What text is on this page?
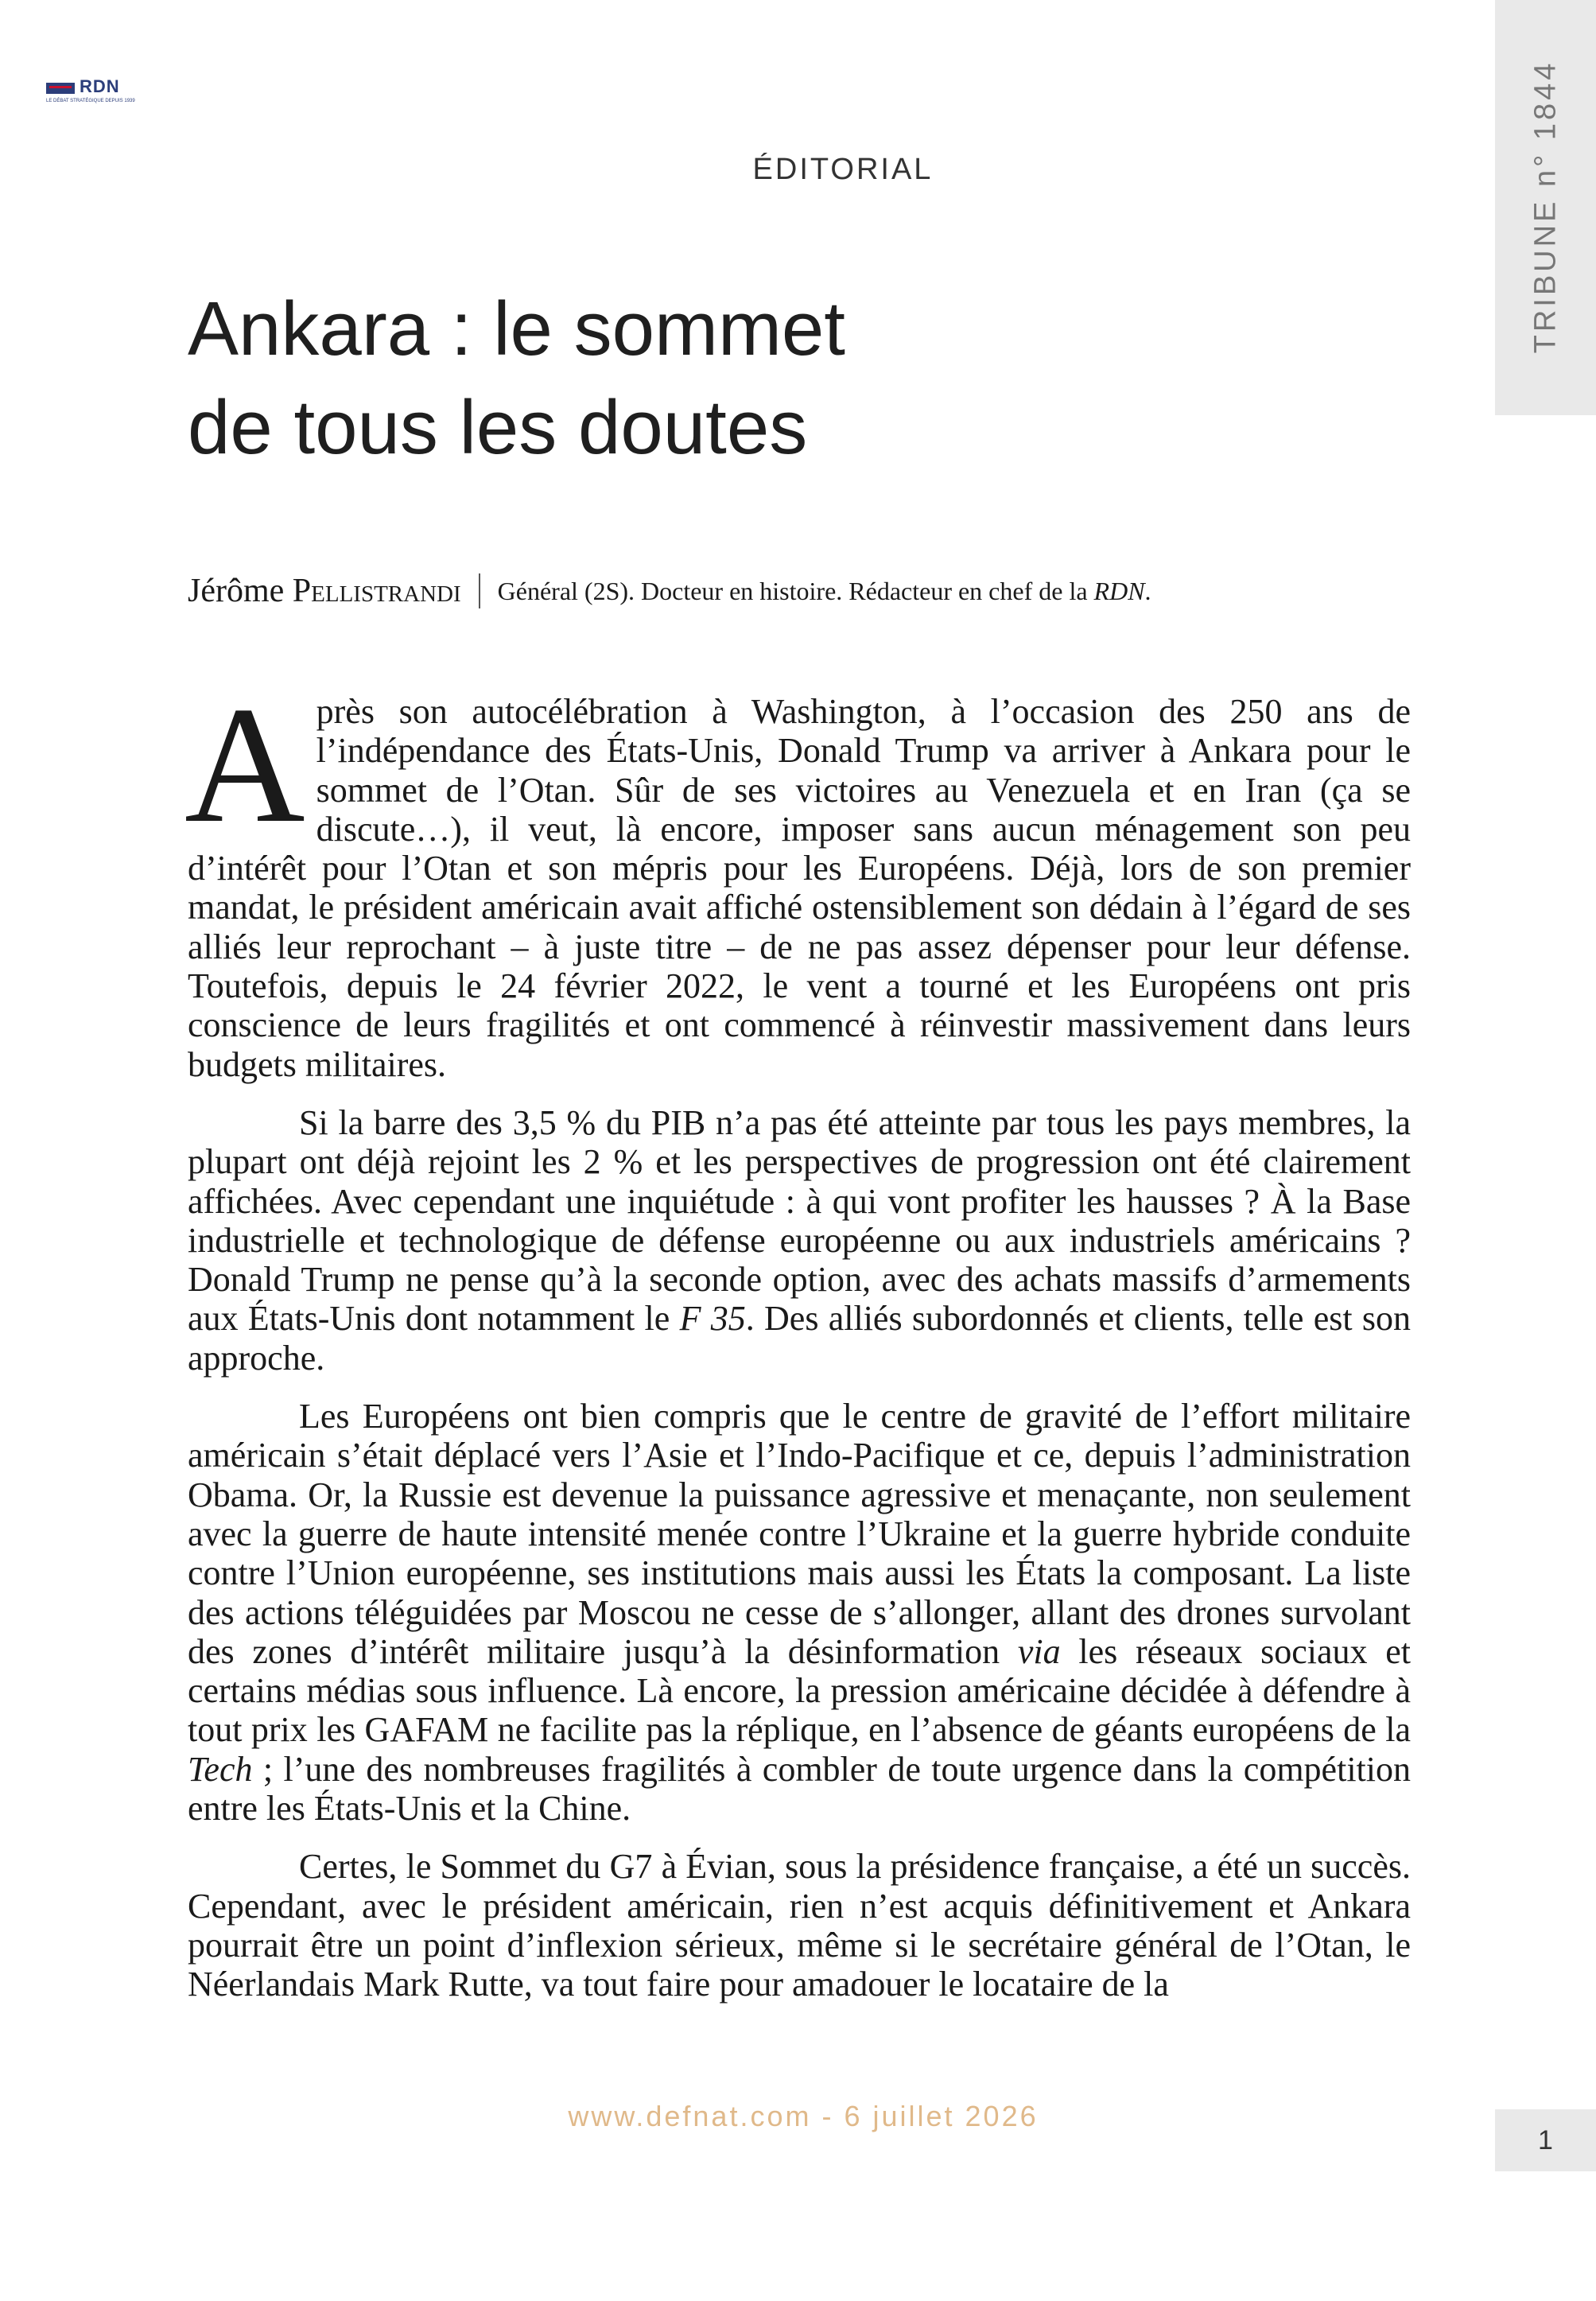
RDN
LE DÉBAT STRATÉGIQUE DEPUIS 1939
ÉDITORIAL
Ankara : le sommet
de tous les doutes
Jérôme Pellistrandi Général (2S). Docteur en histoire. Rédacteur en chef de la RDN.

Après son autocélébration à Washington, à l’occasion des 250 ans de l’indépendance des États-Unis, Donald Trump va arriver à Ankara pour le sommet de l’Otan. Sûr de ses victoires au Venezuela et en Iran (ça se discute…), il veut, là encore, imposer sans aucun ménagement son peu d’intérêt pour l’Otan et son mépris pour les Européens. Déjà, lors de son premier mandat, le président américain avait affiché ostensiblement son dédain à l’égard de ses alliés leur reprochant – à juste titre – de ne pas assez dépenser pour leur défense. Toutefois, depuis le 24 février 2022, le vent a tourné et les Européens ont pris conscience de leurs fragilités et ont commencé à réinvestir massivement dans leurs budgets militaires.

Si la barre des 3,5 % du PIB n’a pas été atteinte par tous les pays membres, la plupart ont déjà rejoint les 2 % et les perspectives de progression ont été clairement affichées. Avec cependant une inquiétude : à qui vont profiter les hausses ? À la Base industrielle et technologique de défense européenne ou aux industriels américains ? Donald Trump ne pense qu’à la seconde option, avec des achats massifs d’armements aux États-Unis dont notamment le F 35. Des alliés subordonnés et clients, telle est son approche.

Les Européens ont bien compris que le centre de gravité de l’effort militaire américain s’était déplacé vers l’Asie et l’Indo-Pacifique et ce, depuis l’administration Obama. Or, la Russie est devenue la puissance agressive et menaçante, non seulement avec la guerre de haute intensité menée contre l’Ukraine et la guerre hybride conduite contre l’Union européenne, ses institutions mais aussi les États la composant. La liste des actions téléguidées par Moscou ne cesse de s’allonger, allant des drones survolant des zones d’intérêt militaire jusqu’à la désinformation via les réseaux sociaux et certains médias sous influence. Là encore, la pression américaine décidée à défendre à tout prix les GAFAM ne facilite pas la réplique, en l’absence de géants européens de la Tech ; l’une des nombreuses fragilités à combler de toute urgence dans la compétition entre les États-Unis et la Chine.

Certes, le Sommet du G7 à Évian, sous la présidence française, a été un succès. Cependant, avec le président américain, rien n’est acquis définitivement et Ankara pourrait être un point d’inflexion sérieux, même si le secrétaire général de l’Otan, le Néerlandais Mark Rutte, va tout faire pour amadouer le locataire de la

www.defnat.com - 6 juillet 2026
TRIBUNE n° 1844
1
